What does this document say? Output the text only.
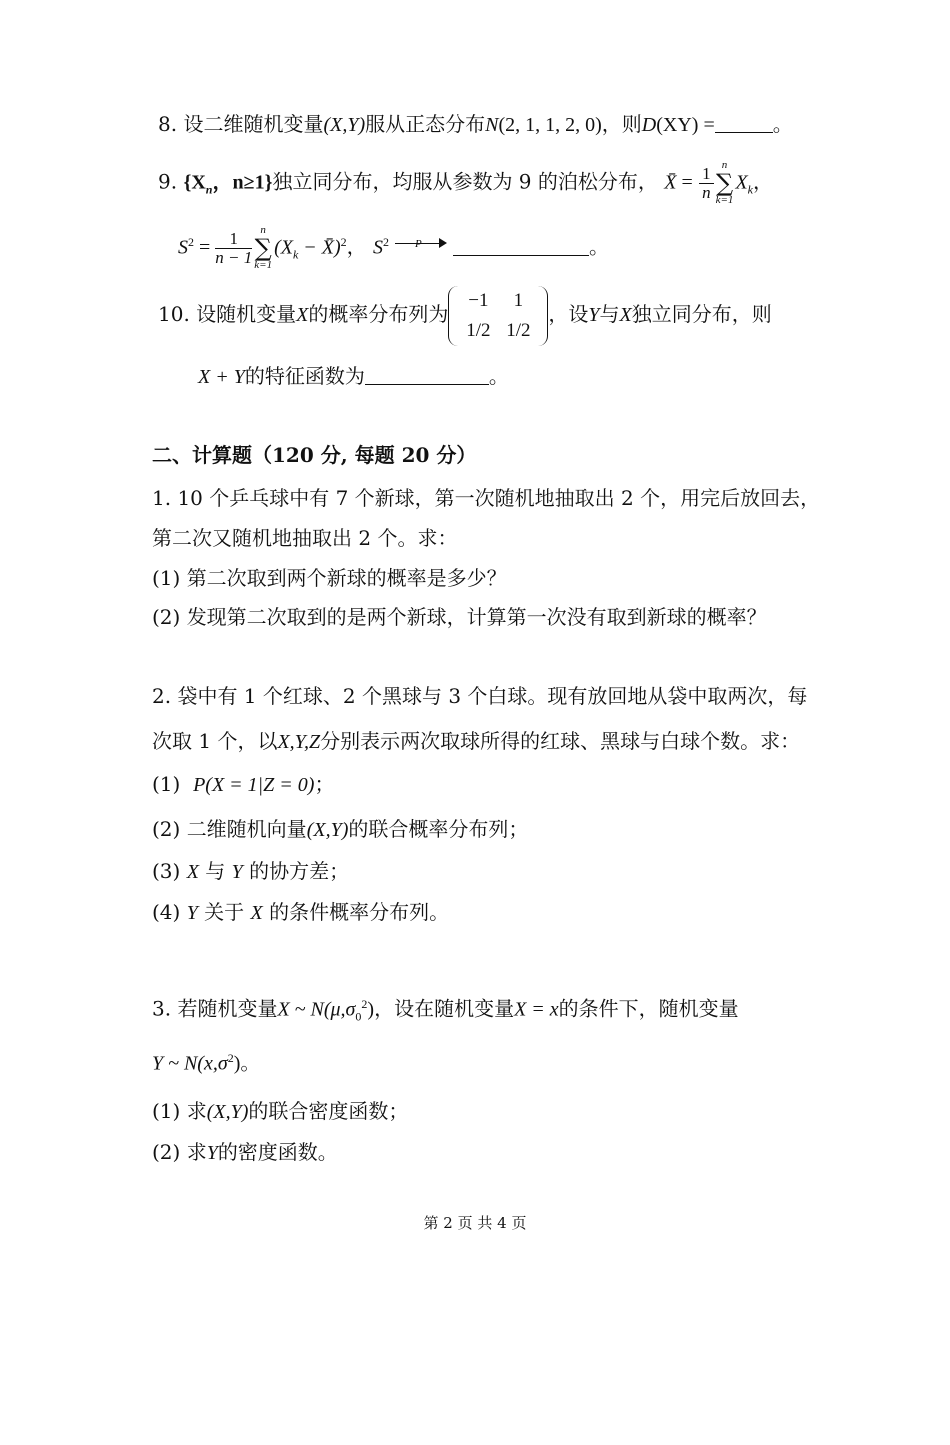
8. 设二维随机变量(X,Y)服从正态分布N(2, 1, 1, 2, 0)，则D(XY) =	。
9. {$X_n$，n≥1}独立同分布，均服从参数为 9 的泊松分布， X̄ = $\frac{1}{n}$ n
∑
k=1
$X_k$，
$S^2 = \frac{1}{n - 1}$ n
∑
k=1
($X_k$ − X̄)$^2$， $S^2$ P	。
10. 设随机变量X的概率分布列为
−1 1
1/2 1/2
，设Y与X独立同分布，则
X + Y的特征函数为	。
二、计算题（120 分, 每题 20 分）
1. 10 个乒乓球中有 7 个新球，第一次随机地抽取出 2 个，用完后放回去，
第二次又随机地抽取出 2 个。求：
(1) 第二次取到两个新球的概率是多少？
(2) 发现第二次取到的是两个新球，计算第一次没有取到新球的概率？
2. 袋中有 1 个红球、2 个黑球与 3 个白球。现有放回地从袋中取两次，每
次取 1 个，以X,Y,Z分别表示两次取球所得的红球、黑球与白球个数。求：
(1) P(X = 1|Z = 0)；
(2) 二维随机向量(X,Y)的联合概率分布列；
(3) X 与 Y 的协方差；
(4) Y 关于 X 的条件概率分布列。
3. 若随机变量X ~ $N(\mu,\sigma_0^2)$，设在随机变量X = x的条件下，随机变量
Y ~ $N(x,\sigma^2)$。
(1) 求(X,Y)的联合密度函数；
(2) 求Y的密度函数。
第 2 页 共 4 页
